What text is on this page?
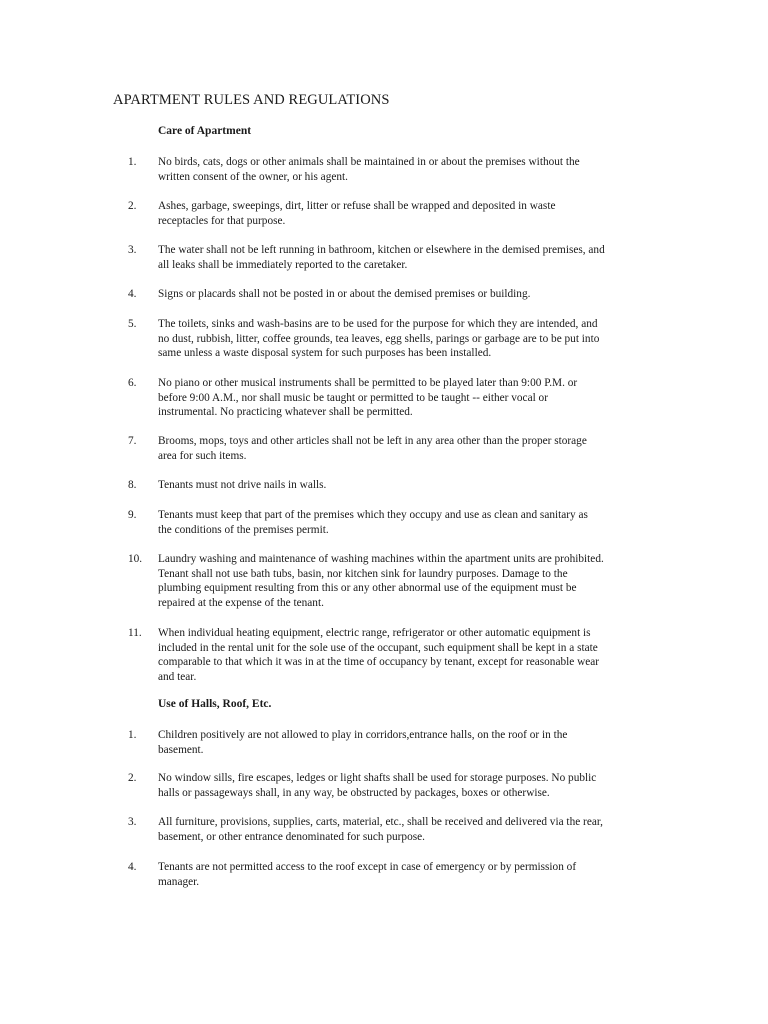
APARTMENT RULES AND REGULATIONS
Care of Apartment
1.	No birds, cats, dogs or other animals shall be maintained in or about the premises without the
written consent of the owner, or his agent.
2.	Ashes, garbage, sweepings, dirt, litter or refuse shall be wrapped and deposited in waste
receptacles for that purpose.
3.	The water shall not be left running in bathroom, kitchen or elsewhere in the demised premises, and
all leaks shall be immediately reported to the caretaker.
4.	Signs or placards shall not be posted in or about the demised premises or building.
5.	The toilets, sinks and wash-basins are to be used for the purpose for which they are intended, and
no dust, rubbish, litter, coffee grounds, tea leaves, egg shells, parings or garbage are to be put into
same unless a waste disposal system for such purposes has been installed.
6.	No piano or other musical instruments shall be permitted to be played later than 9:00 P.M. or
before 9:00 A.M., nor shall music be taught or permitted to be taught -- either vocal or
instrumental. No practicing whatever shall be permitted.
7.	Brooms, mops, toys and other articles shall not be left in any area other than the proper storage
area for such items.
8.	Tenants must not drive nails in walls.
9.	Tenants must keep that part of the premises which they occupy and use as clean and sanitary as
the conditions of the premises permit.
10.	Laundry washing and maintenance of washing machines within the apartment units are prohibited.
Tenant shall not use bath tubs, basin, nor kitchen sink for laundry purposes. Damage to the
plumbing equipment resulting from this or any other abnormal use of the equipment must be
repaired at the expense of the tenant.
11.	When individual heating equipment, electric range, refrigerator or other automatic equipment is
included in the rental unit for the sole use of the occupant, such equipment shall be kept in a state
comparable to that which it was in at the time of occupancy by tenant, except for reasonable wear
and tear.
Use of Halls, Roof, Etc.
1.	Children positively are not allowed to play in corridors,entrance halls, on the roof or in the
basement.
2.	No window sills, fire escapes, ledges or light shafts shall be used for storage purposes. No public
halls or passageways shall, in any way, be obstructed by packages, boxes or otherwise.
3.	All furniture, provisions, supplies, carts, material, etc., shall be received and delivered via the rear,
basement, or other entrance denominated for such purpose.
4.	Tenants are not permitted access to the roof except in case of emergency or by permission of
manager.
